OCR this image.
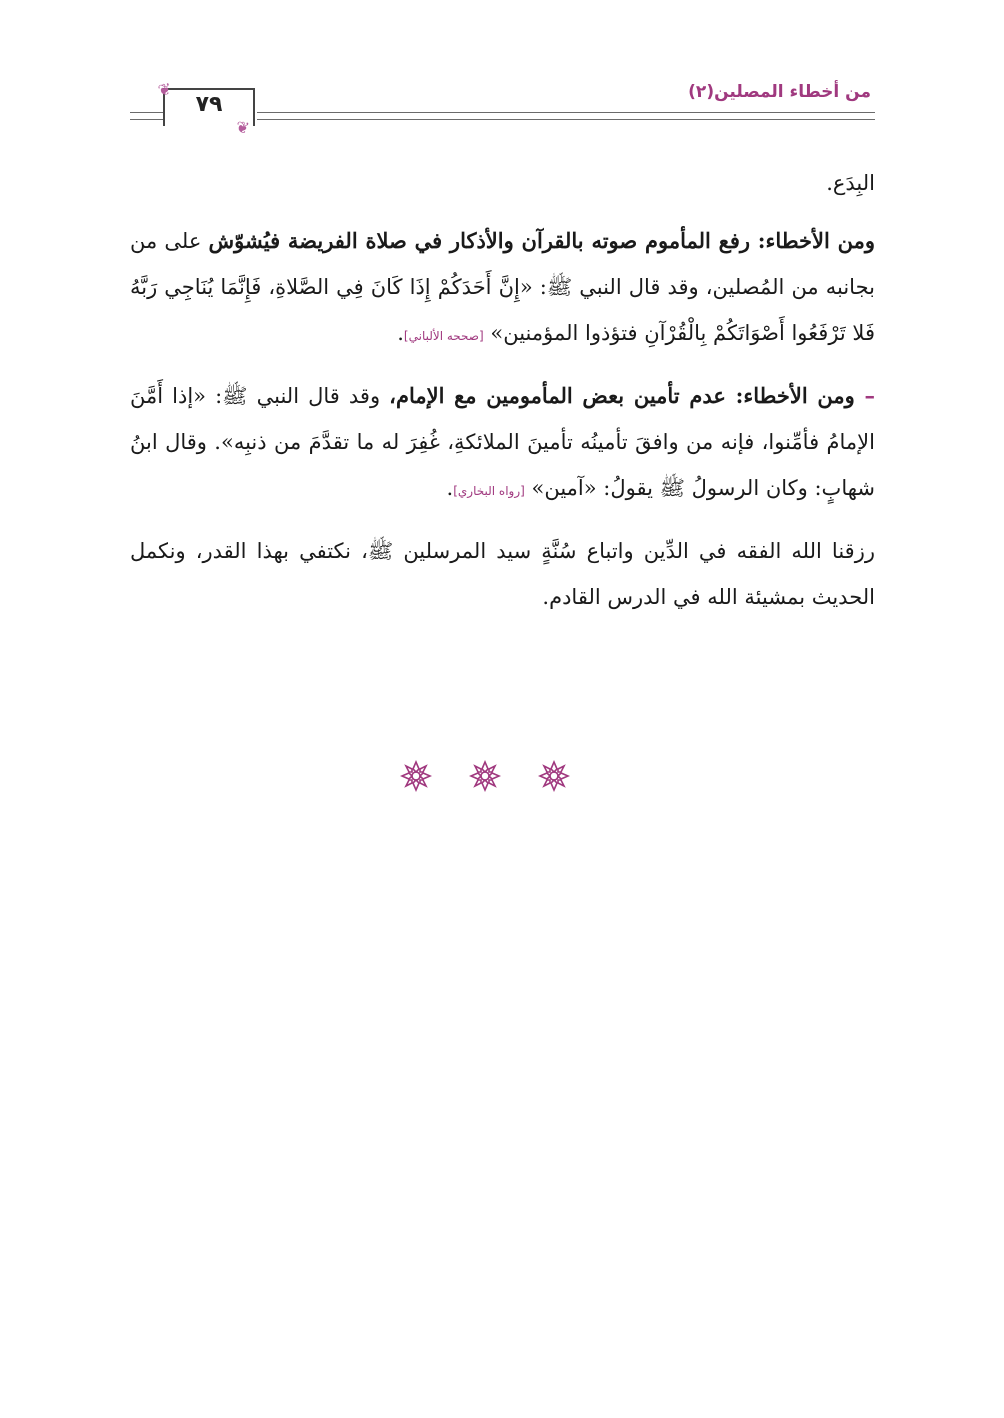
من أخطاء المصلين(٢)
٧٩
❦
❦

البِدَع.

ومن الأخطاء: رفع المأموم صوته بالقرآن والأذكار في صلاة الفريضة فيُشوّش على من بجانبه من المُصلين، وقد قال النبي ﷺ: «إِنَّ أَحَدَكُمْ إِذَا كَانَ فِي الصَّلاةِ، فَإِنَّمَا يُنَاجِي رَبَّهُ فَلا تَرْفَعُوا أَصْوَاتَكُمْ بِالْقُرْآنِ فتؤذوا المؤمنين» [صححه الألباني].

– ومن الأخطاء: عدم تأمين بعض المأمومين مع الإمام، وقد قال النبي ﷺ: «إذا أَمَّنَ الإمامُ فأمِّنوا، فإنه من وافقَ تأمينُه تأمينَ الملائكةِ، غُفِرَ له ما تقدَّمَ من ذنبِه». وقال ابنُ شهابٍ: وكان الرسولُ ﷺ يقولُ: «آمين» [رواه البخاري].

رزقنا الله الفقه في الدِّين واتباع سُنَّةٍ سيد المرسلين ﷺ، نكتفي بهذا القدر، ونكمل الحديث بمشيئة الله في الدرس القادم.
